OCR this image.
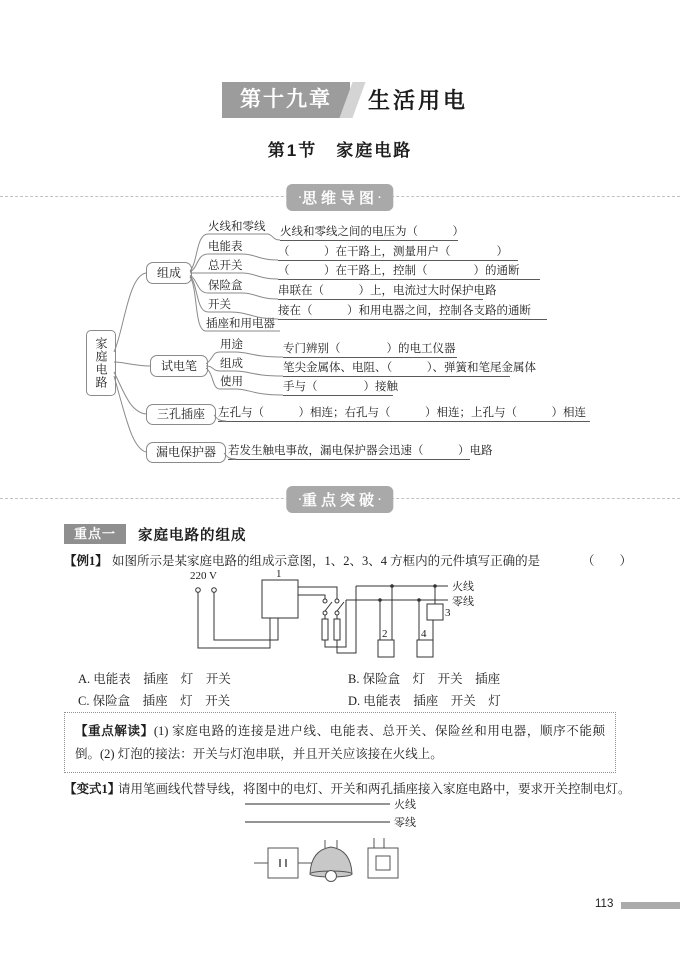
第十九章	生活用电
第1节　家庭电路
·思维导图·
家庭电路
组成
试电笔
三孔插座
漏电保护器
火线和零线
电能表
总开关
保险盒
开关
插座和用电器
火线和零线之间的电压为（　　　）
（　　　）在干路上，测量用户（　　　　）
（　　　）在干路上，控制（　　　　）的通断
串联在（　　　）上，电流过大时保护电路
接在（　　　）和用电器之间，控制各支路的通断
用途
组成
使用
专门辨别（　　　　）的电工仪器
笔尖金属体、电阻、（　　　）、弹簧和笔尾金属体
手与（　　　　）接触
左孔与（　　　）相连；右孔与（　　　）相连；上孔与（　　　）相连
若发生触电事故，漏电保护器会迅速（　　　）电路
·重点突破·
重点一	家庭电路的组成
【例1】 如图所示是某家庭电路的组成示意图，1、2、3、4 方框内的元件填写正确的是	（　　）
A. 电能表　插座　灯　开关	B. 保险盒　灯　开关　插座
C. 保险盒　插座　灯　开关	D. 电能表　插座　开关　灯
【重点解读】(1) 家庭电路的连接是进户线、电能表、总开关、保险丝和用电器，顺序不能颠倒。(2) 灯泡的接法：开关与灯泡串联，并且开关应该接在火线上。
【变式1】
请用笔画线代替导线，将图中的电灯、开关和两孔插座接入家庭电路中，要求开关控制电灯。
113
220 V	1
2
3
4
火线
零线
火线
零线
